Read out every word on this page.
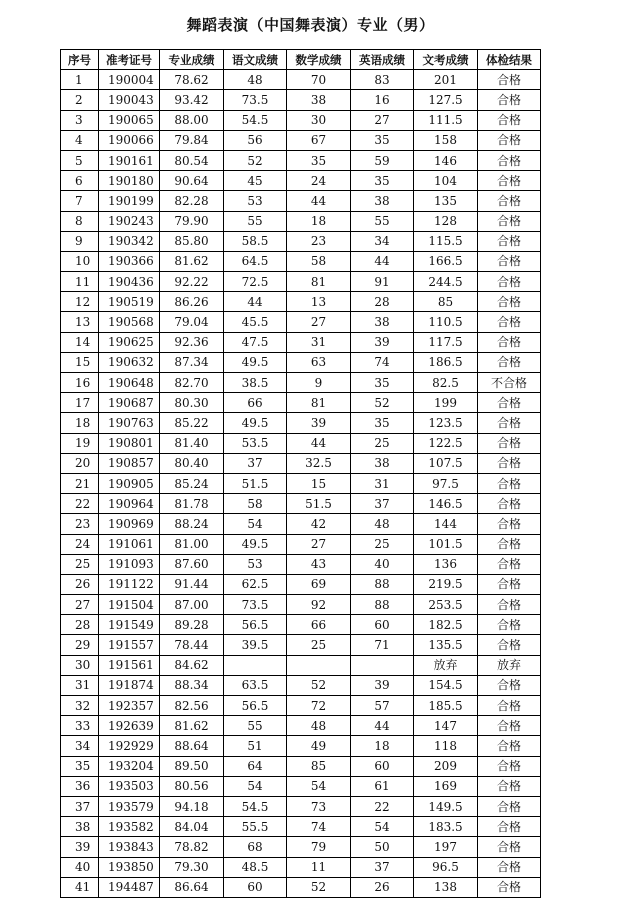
舞蹈表演（中国舞表演）专业（男）
序号	准考证号	专业成绩	语文成绩	数学成绩	英语成绩	文考成绩	体检结果
1	190004	78.62	48	70	83	201	合格
2	190043	93.42	73.5	38	16	127.5	合格
3	190065	88.00	54.5	30	27	111.5	合格
4	190066	79.84	56	67	35	158	合格
5	190161	80.54	52	35	59	146	合格
6	190180	90.64	45	24	35	104	合格
7	190199	82.28	53	44	38	135	合格
8	190243	79.90	55	18	55	128	合格
9	190342	85.80	58.5	23	34	115.5	合格
10	190366	81.62	64.5	58	44	166.5	合格
11	190436	92.22	72.5	81	91	244.5	合格
12	190519	86.26	44	13	28	85	合格
13	190568	79.04	45.5	27	38	110.5	合格
14	190625	92.36	47.5	31	39	117.5	合格
15	190632	87.34	49.5	63	74	186.5	合格
16	190648	82.70	38.5	9	35	82.5	不合格
17	190687	80.30	66	81	52	199	合格
18	190763	85.22	49.5	39	35	123.5	合格
19	190801	81.40	53.5	44	25	122.5	合格
20	190857	80.40	37	32.5	38	107.5	合格
21	190905	85.24	51.5	15	31	97.5	合格
22	190964	81.78	58	51.5	37	146.5	合格
23	190969	88.24	54	42	48	144	合格
24	191061	81.00	49.5	27	25	101.5	合格
25	191093	87.60	53	43	40	136	合格
26	191122	91.44	62.5	69	88	219.5	合格
27	191504	87.00	73.5	92	88	253.5	合格
28	191549	89.28	56.5	66	60	182.5	合格
29	191557	78.44	39.5	25	71	135.5	合格
30	191561	84.62				放弃	放弃
31	191874	88.34	63.5	52	39	154.5	合格
32	192357	82.56	56.5	72	57	185.5	合格
33	192639	81.62	55	48	44	147	合格
34	192929	88.64	51	49	18	118	合格
35	193204	89.50	64	85	60	209	合格
36	193503	80.56	54	54	61	169	合格
37	193579	94.18	54.5	73	22	149.5	合格
38	193582	84.04	55.5	74	54	183.5	合格
39	193843	78.82	68	79	50	197	合格
40	193850	79.30	48.5	11	37	96.5	合格
41	194487	86.64	60	52	26	138	合格
